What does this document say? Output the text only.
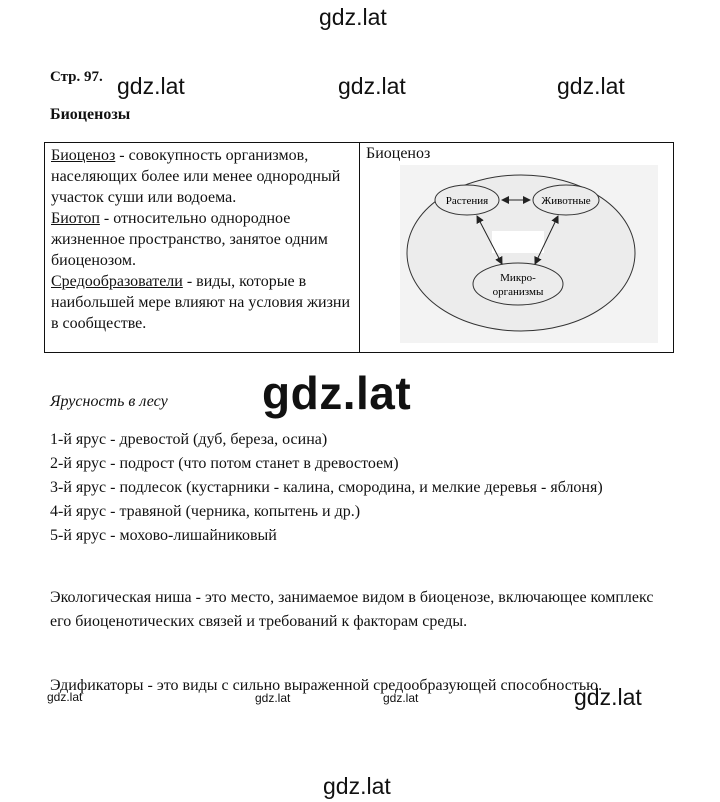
gdz.lat
gdz.lat	gdz.lat	gdz.lat
gdz.lat
gdz.lat	gdz.lat	gdz.lat	gdz.lat
gdz.lat
Стр. 97.
Биоценозы

Биоценоз - совокупность организмов, населяющих более или менее однородный участок суши или водоема.

Биотоп - относительно однородное жизненное пространство, занятое одним биоценозом.

Средообразователи - виды, которые в наибольшей мере влияют на условия жизни в сообществе.

Биоценоз
Растения	Животные
Микро-
организмы
Ярусность в лесу
1-й ярус - древостой (дуб, береза, осина)
2-й ярус - подрост (что потом станет в древостоем)
3-й ярус - подлесок (кустарники - калина, смородина, и мелкие деревья - яблоня)
4-й ярус - травяной (черника, копытень и др.)
5-й ярус - мохово-лишайниковый

Экологическая ниша - это место, занимаемое видом в биоценозе, включающее комплекс его биоценотических связей и требований к факторам среды.

Эдификаторы - это виды с сильно выраженной средообразующей способностью.
